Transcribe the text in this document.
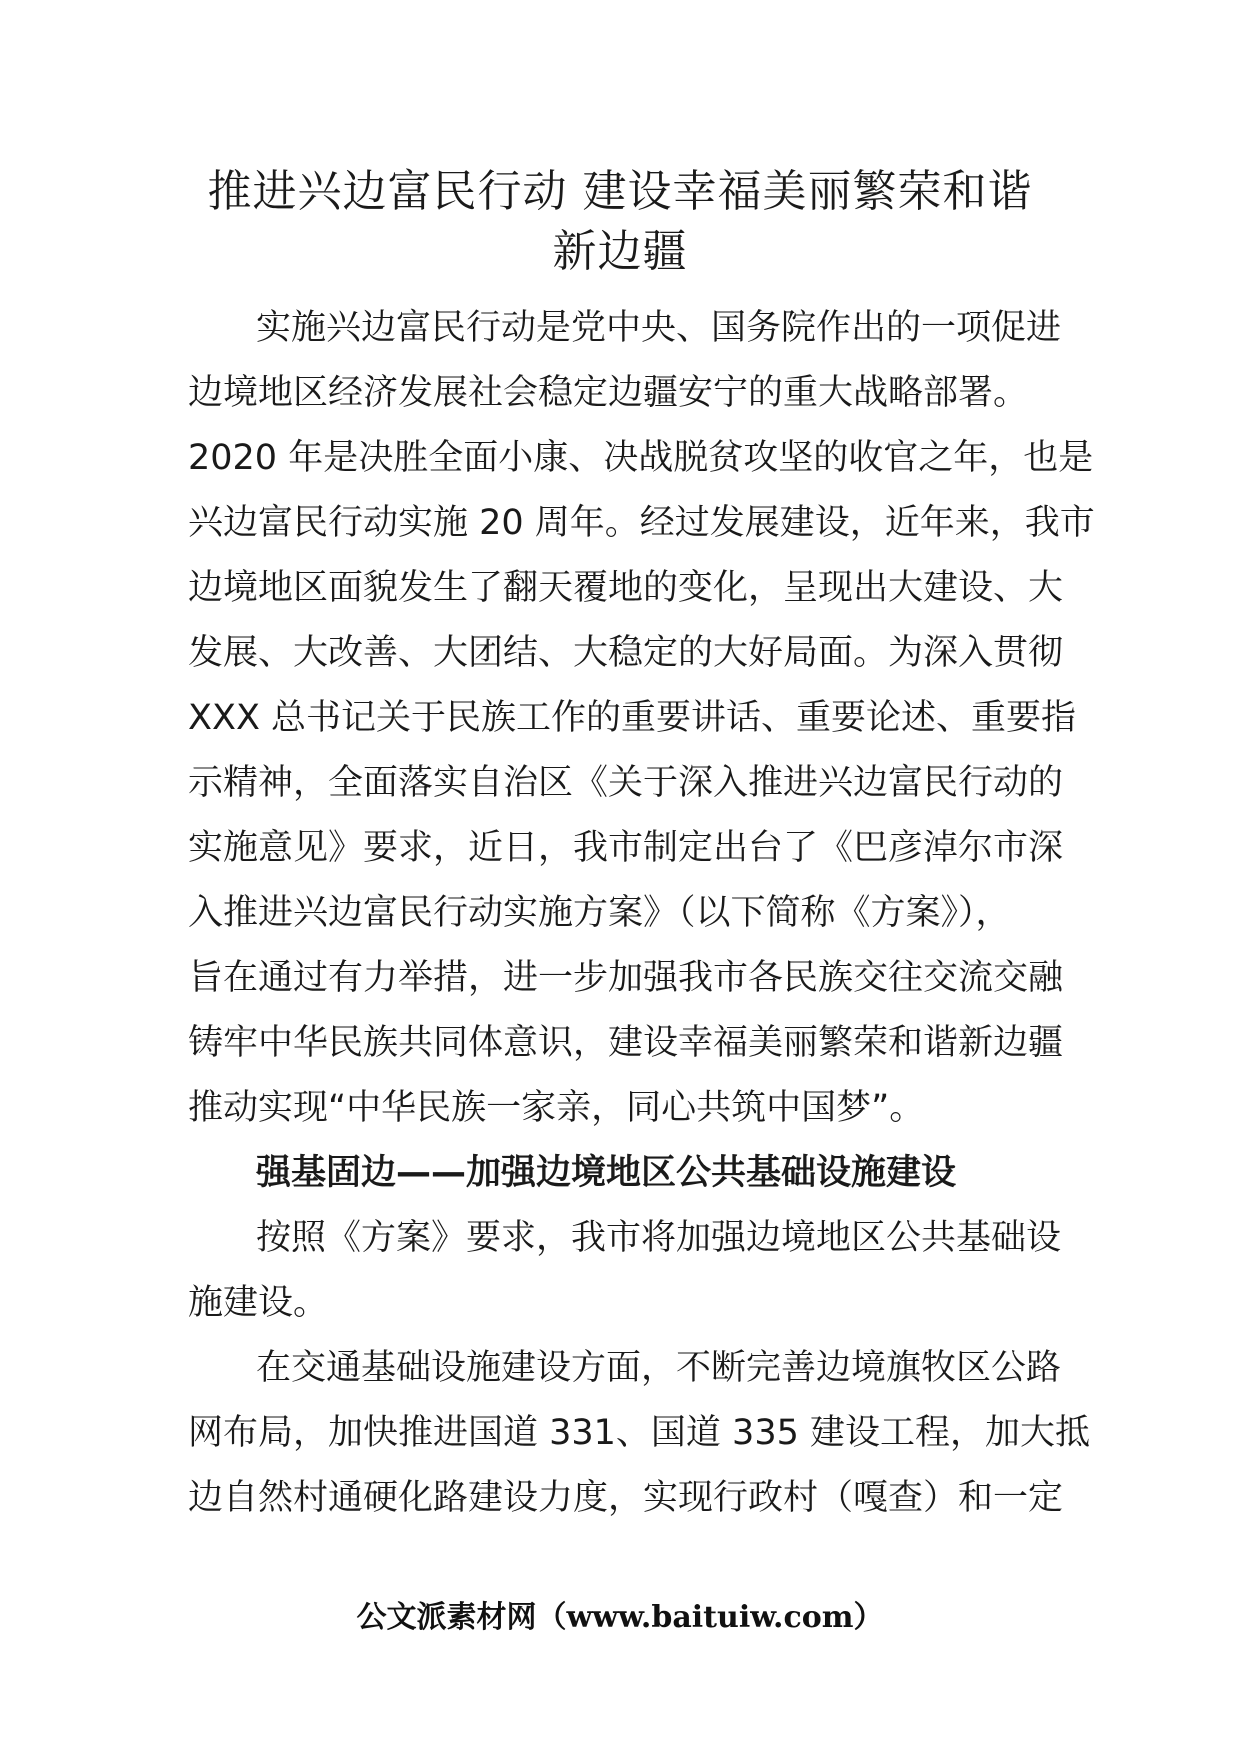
推进兴边富民行动 建设幸福美丽繁荣和谐
新边疆
实施兴边富民行动是党中央、国务院作出的一项促进
边境地区经济发展社会稳定边疆安宁的重大战略部署。
2020 年是决胜全面小康、决战脱贫攻坚的收官之年，也是
兴边富民行动实施 20 周年。经过发展建设，近年来，我市
边境地区面貌发生了翻天覆地的变化，呈现出大建设、大
发展、大改善、大团结、大稳定的大好局面。为深入贯彻
XXX 总书记关于民族工作的重要讲话、重要论述、重要指
示精神，全面落实自治区《关于深入推进兴边富民行动的
实施意见》要求，近日，我市制定出台了《巴彦淖尔市深
入推进兴边富民行动实施方案》（以下简称《方案》），
旨在通过有力举措，进一步加强我市各民族交往交流交融
铸牢中华民族共同体意识，建设幸福美丽繁荣和谐新边疆
推动实现“中华民族一家亲，同心共筑中国梦”。
强基固边——加强边境地区公共基础设施建设
按照《方案》要求，我市将加强边境地区公共基础设
施建设。
在交通基础设施建设方面，不断完善边境旗牧区公路
网布局，加快推进国道 331、国道 335 建设工程，加大抵
边自然村通硬化路建设力度，实现行政村（嘎查）和一定
公文派素材网（www.baituiw.com）
